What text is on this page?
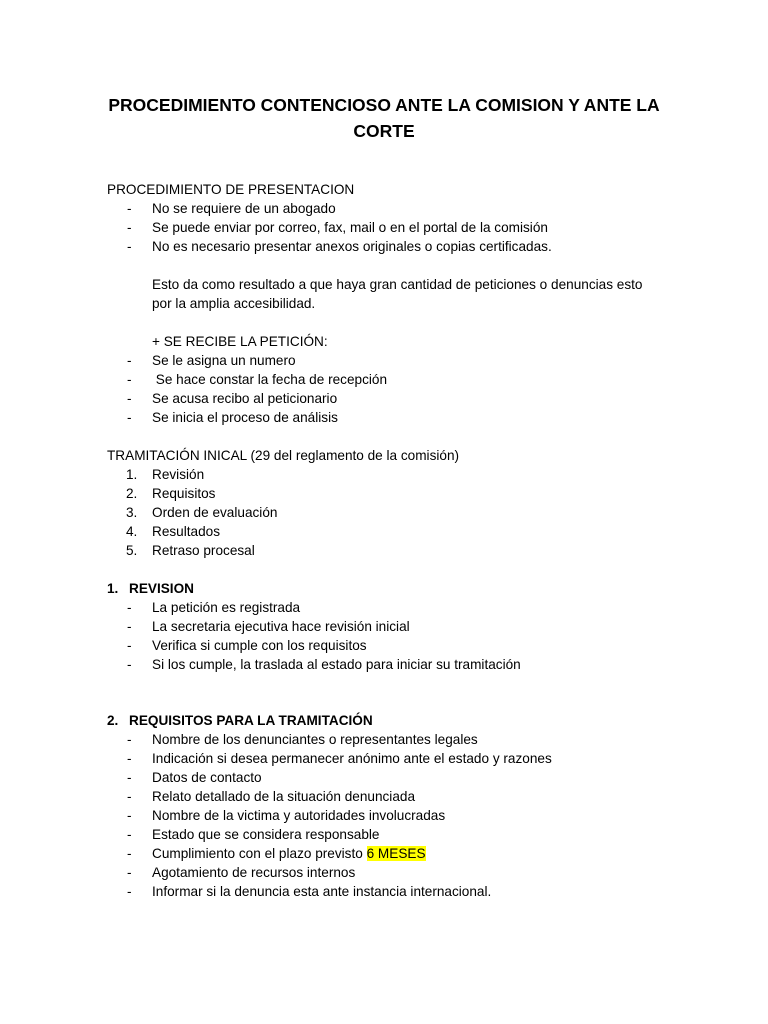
PROCEDIMIENTO CONTENCIOSO ANTE LA COMISION Y ANTE LA CORTE
PROCEDIMIENTO DE PRESENTACION
-	No se requiere de un abogado
-	Se puede enviar por correo, fax, mail o en el portal de la comisión
-	No es necesario presentar anexos originales o copias certificadas.
Esto da como resultado a que haya gran cantidad de peticiones o denuncias esto por la amplia accesibilidad.
+ SE RECIBE LA PETICIÓN:
-	Se le asigna un numero
-	Se hace constar la fecha de recepción
-	Se acusa recibo al peticionario
-	Se inicia el proceso de análisis
TRAMITACIÓN INICAL (29 del reglamento de la comisión)
1.	Revisión
2.	Requisitos
3.	Orden de evaluación
4.	Resultados
5.	Retraso procesal
1. REVISION
-	La petición es registrada
-	La secretaria ejecutiva hace revisión inicial
-	Verifica si cumple con los requisitos
-	Si los cumple, la traslada al estado para iniciar su tramitación
2. REQUISITOS PARA LA TRAMITACIÓN
-	Nombre de los denunciantes o representantes legales
-	Indicación si desea permanecer anónimo ante el estado y razones
-	Datos de contacto
-	Relato detallado de la situación denunciada
-	Nombre de la victima y autoridades involucradas
-	Estado que se considera responsable
-	Cumplimiento con el plazo previsto 6 MESES
-	Agotamiento de recursos internos
-	Informar si la denuncia esta ante instancia internacional.
